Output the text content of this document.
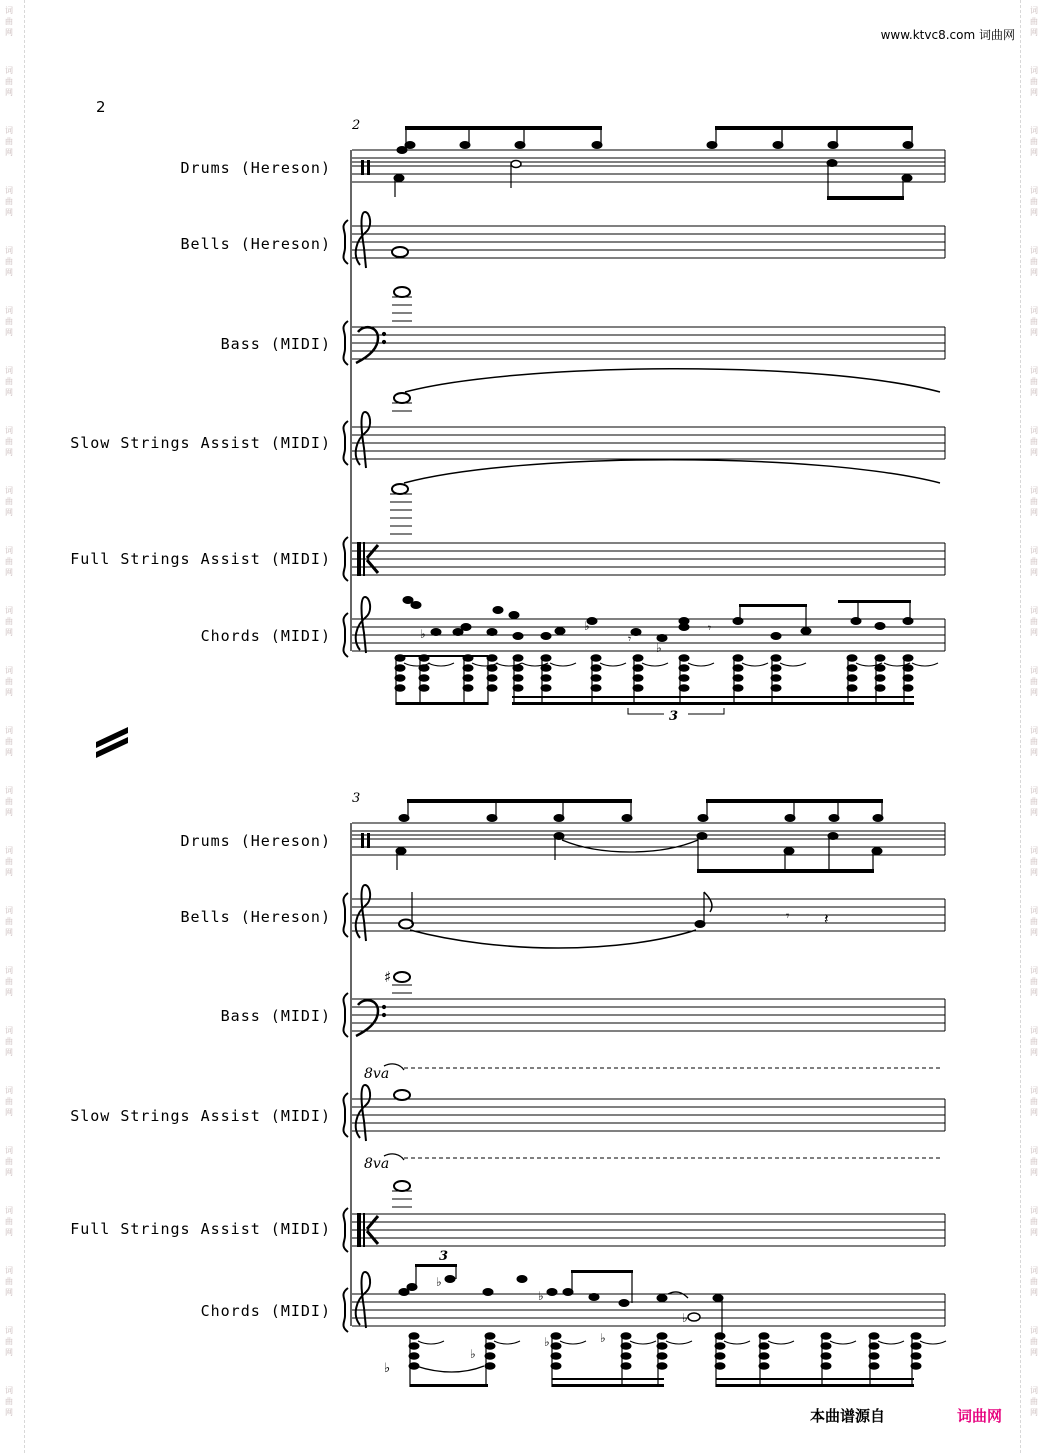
词
曲
网
词
曲
网
词
曲
网
词
曲
网
词
曲
网
词
曲
网
词
曲
网
词
曲
网
词
曲
网
词
曲
网
词
曲
网
词
曲
网
词
曲
网
词
曲
网
词
曲
网
词
曲
网
词
曲
网
词
曲
网
词
曲
网
词
曲
网
词
曲
网
词
曲
网
词
曲
网
词
曲
网
词
曲
网
词
曲
网
词
曲
网
词
曲
网
词
曲
网
词
曲
网
词
曲
网
词
曲
网
词
曲
网
词
曲
网
词
曲
网
词
曲
网
词
曲
网
词
曲
网
词
曲
网
词
曲
网
词
曲
网
词
曲
网
词
曲
网
词
曲
网
词
曲
网
词
曲
网
词
曲
网
词
曲
网
www.ktvc8.com 词曲网
2
2
Drums (Hereson)
Bells (Hereson)
Bass (MIDI)
Slow Strings Assist (MIDI)
Full Strings Assist (MIDI)
Chords (MIDI)
3
Drums (Hereson)
Bells (Hereson)
Bass (MIDI)
Slow Strings Assist (MIDI)
Full Strings Assist (MIDI)
Chords (MIDI)
♭
♭
♭
𝄾
𝄾
3
𝄾 𝄽
♯
8va
8va
♭
♭
♭
♭
♭
♭	♭
3
本曲谱源自	词曲网
